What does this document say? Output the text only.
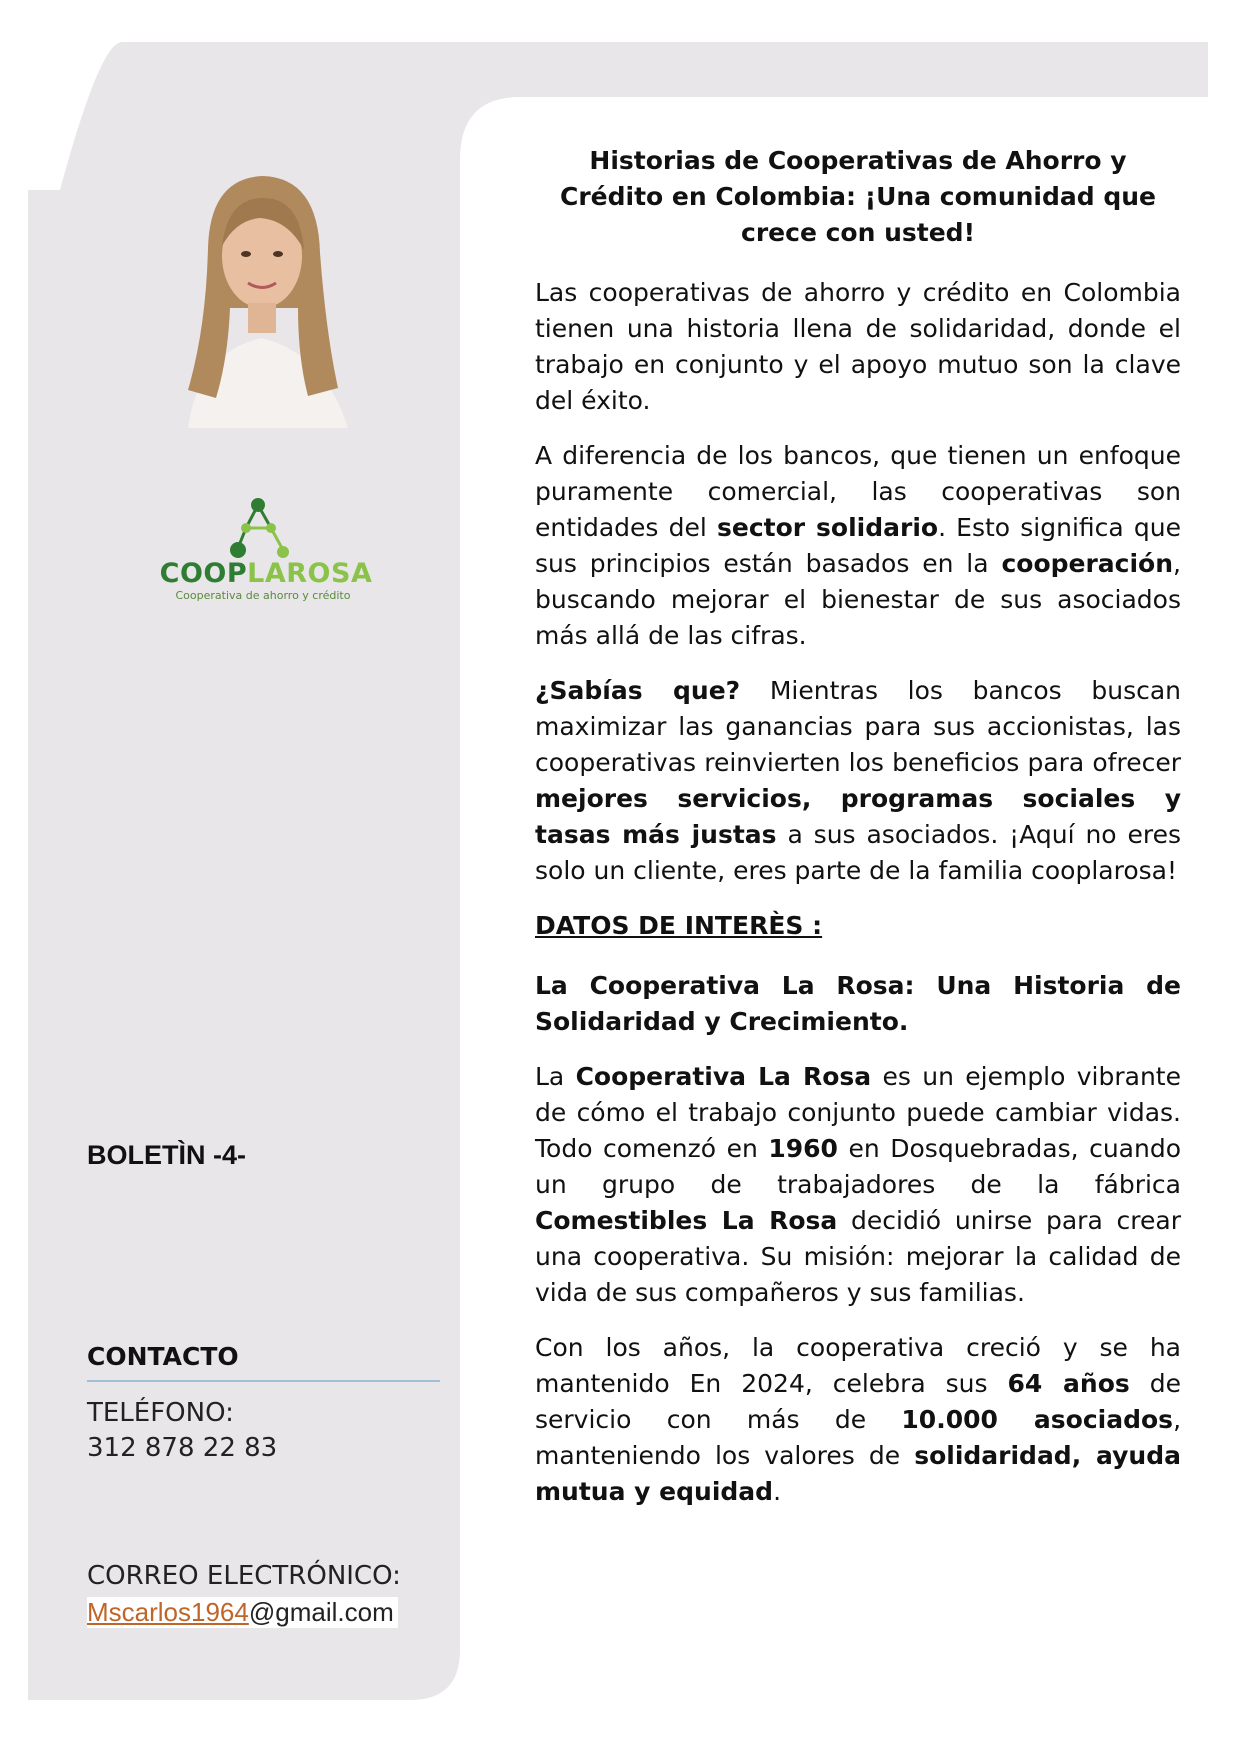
COOPLAROSA
Cooperativa de ahorro y crédito
BOLETÌN -4-
CONTACTO
TELÉFONO:
312 878 22 83
CORREO ELECTRÓNICO:
Mscarlos1964@gmail.com
Historias de Cooperativas de Ahorro y Crédito en Colombia: ¡Una comunidad que crece con usted!

Las cooperativas de ahorro y crédito en Colombia tienen una historia llena de solidaridad, donde el trabajo en conjunto y el apoyo mutuo son la clave del éxito.

A diferencia de los bancos, que tienen un enfoque puramente comercial, las cooperativas son entidades del sector solidario. Esto significa que sus principios están basados en la cooperación, buscando mejorar el bienestar de sus asociados más allá de las cifras.

¿Sabías que? Mientras los bancos buscan maximizar las ganancias para sus accionistas, las cooperativas reinvierten los beneficios para ofrecer mejores servicios, programas sociales y tasas más justas a sus asociados. ¡Aquí no eres solo un cliente, eres parte de la familia cooplarosa!

DATOS DE INTERÈS :

La Cooperativa La Rosa: Una Historia de Solidaridad y Crecimiento.

La Cooperativa La Rosa es un ejemplo vibrante de cómo el trabajo conjunto puede cambiar vidas. Todo comenzó en 1960 en Dosquebradas, cuando un grupo de trabajadores de la fábrica Comestibles La Rosa decidió unirse para crear una cooperativa. Su misión: mejorar la calidad de vida de sus compañeros y sus familias.

Con los años, la cooperativa creció y se ha mantenido En 2024, celebra sus 64 años de servicio con más de 10.000 asociados, manteniendo los valores de solidaridad, ayuda mutua y equidad.
